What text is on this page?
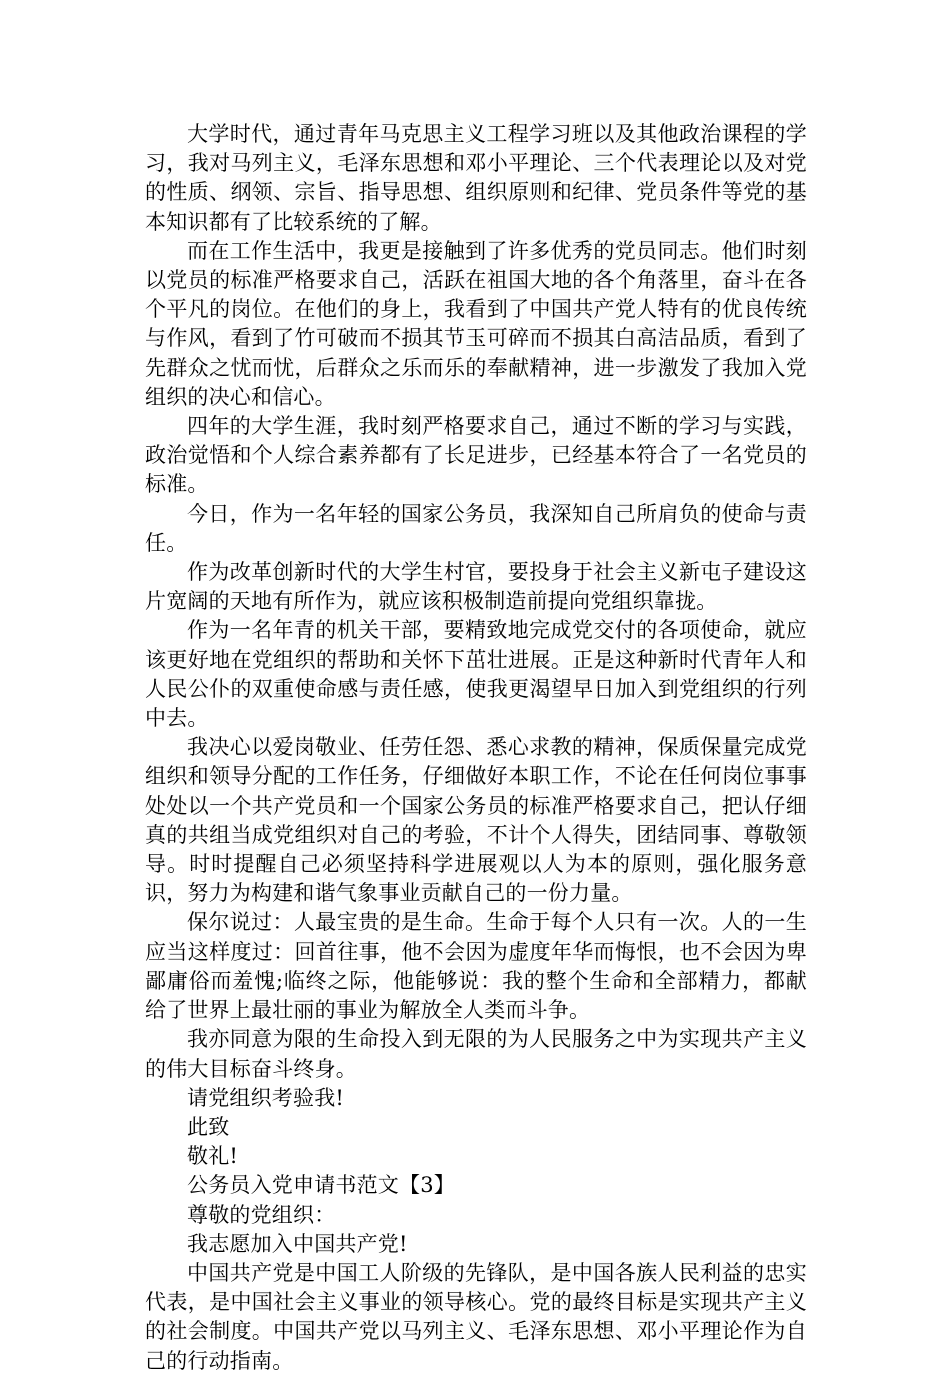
大学时代，通过青年马克思主义工程学习班以及其他政治课程的学习，我对马列主义，毛泽东思想和邓小平理论、三个代表理论以及对党的性质、纲领、宗旨、指导思想、组织原则和纪律、党员条件等党的基本知识都有了比较系统的了解。

而在工作生活中，我更是接触到了许多优秀的党员同志。他们时刻以党员的标准严格要求自己，活跃在祖国大地的各个角落里，奋斗在各个平凡的岗位。在他们的身上，我看到了中国共产党人特有的优良传统与作风，看到了竹可破而不损其节玉可碎而不损其白高洁品质，看到了先群众之忧而忧，后群众之乐而乐的奉献精神，进一步激发了我加入党组织的决心和信心。

四年的大学生涯，我时刻严格要求自己，通过不断的学习与实践，政治觉悟和个人综合素养都有了长足进步，已经基本符合了一名党员的标准。

今日，作为一名年轻的国家公务员，我深知自己所肩负的使命与责任。

作为改革创新时代的大学生村官，要投身于社会主义新屯子建设这片宽阔的天地有所作为，就应该积极制造前提向党组织靠拢。

作为一名年青的机关干部，要精致地完成党交付的各项使命，就应该更好地在党组织的帮助和关怀下茁壮进展。正是这种新时代青年人和人民公仆的双重使命感与责任感，使我更渴望早日加入到党组织的行列中去。

我决心以爱岗敬业、任劳任怨、悉心求教的精神，保质保量完成党组织和领导分配的工作任务，仔细做好本职工作，不论在任何岗位事事处处以一个共产党员和一个国家公务员的标准严格要求自己，把认仔细真的共组当成党组织对自己的考验，不计个人得失，团结同事、尊敬领导。时时提醒自己必须坚持科学进展观以人为本的原则，强化服务意识，努力为构建和谐气象事业贡献自己的一份力量。

保尔说过：人最宝贵的是生命。生命于每个人只有一次。人的一生应当这样度过：回首往事，他不会因为虚度年华而悔恨，也不会因为卑鄙庸俗而羞愧;临终之际，他能够说：我的整个生命和全部精力，都献给了世界上最壮丽的事业为解放全人类而斗争。

我亦同意为限的生命投入到无限的为人民服务之中为实现共产主义的伟大目标奋斗终身。

请党组织考验我!

此致

敬礼!

公务员入党申请书范文【3】

尊敬的党组织：

我志愿加入中国共产党!

中国共产党是中国工人阶级的先锋队，是中国各族人民利益的忠实代表，是中国社会主义事业的领导核心。党的最终目标是实现共产主义的社会制度。中国共产党以马列主义、毛泽东思想、邓小平理论作为自己的行动指南。
